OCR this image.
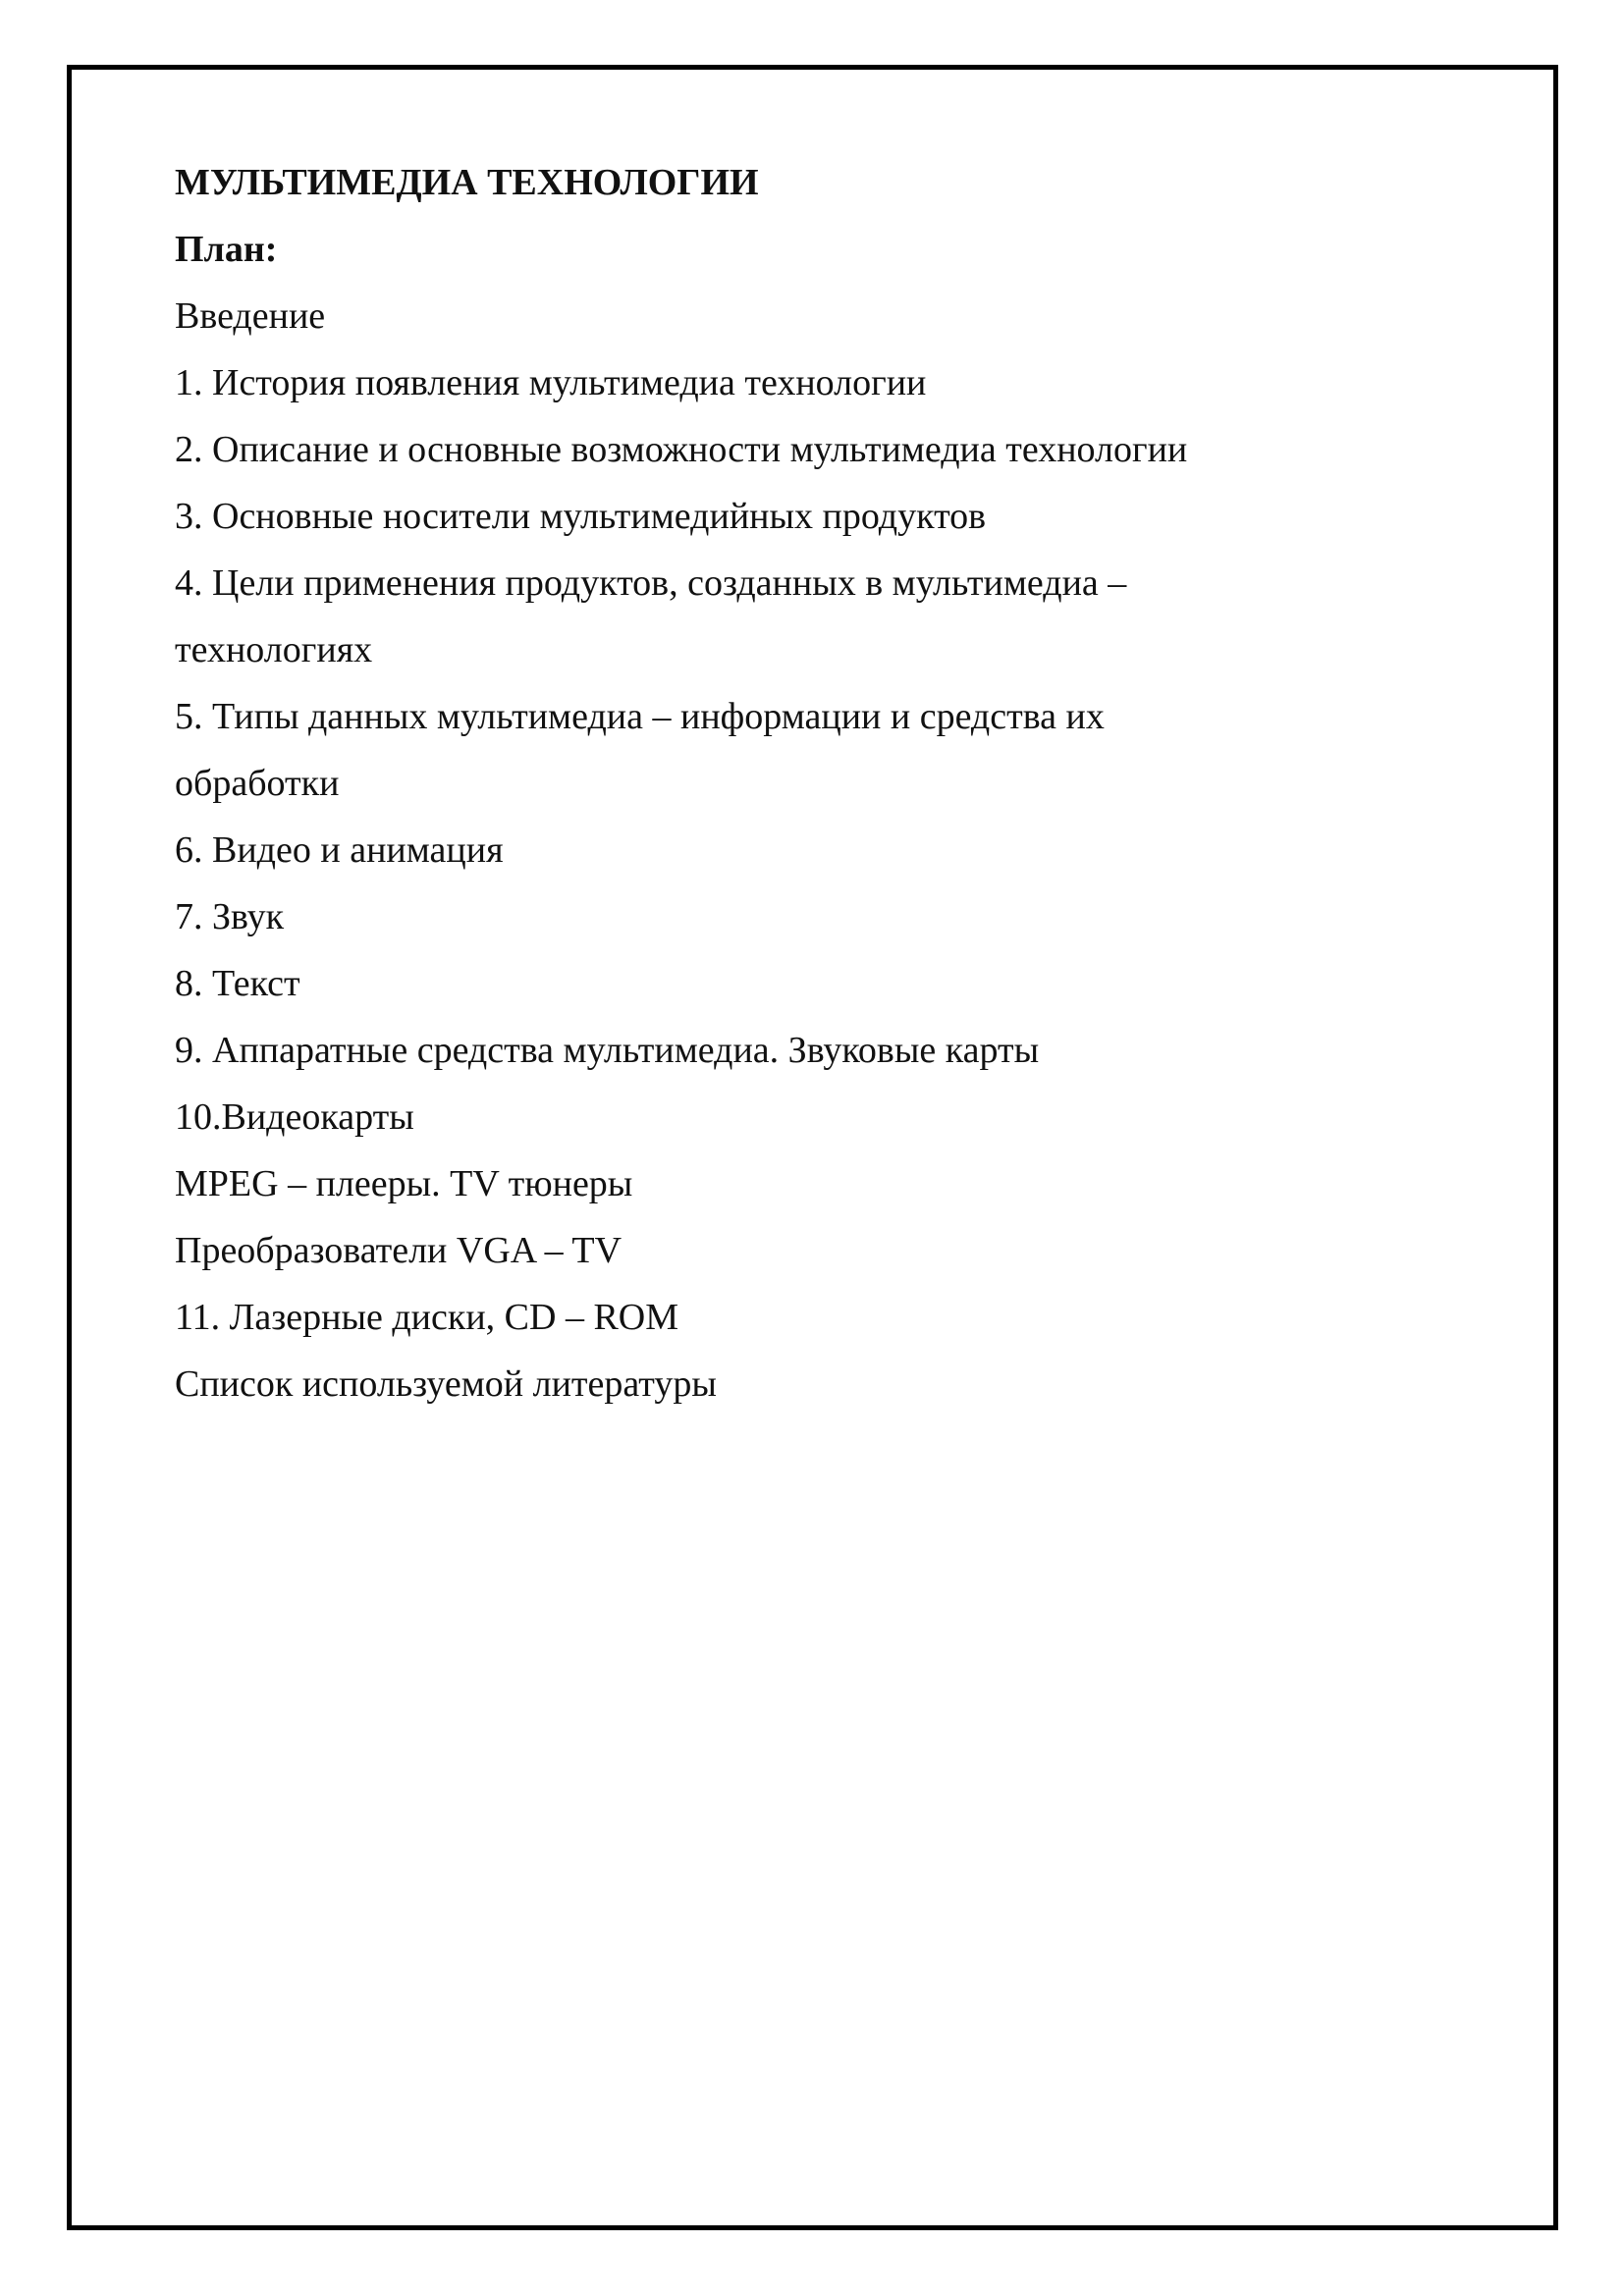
МУЛЬТИМЕДИА ТЕХНОЛОГИИ

План:

Введение

1. История появления мультимедиа технологии

2. Описание и основные возможности мультимедиа технологии

3. Основные носители мультимедийных продуктов

4. Цели применения продуктов, созданных в мультимедиа –

технологиях

5. Типы данных мультимедиа – информации и средства их

обработки

6. Видео и анимация

7. Звук

8. Текст

9. Аппаратные средства мультимедиа. Звуковые карты

10.Видеокарты

MPEG – плееры. TV тюнеры

Преобразователи VGA – TV

11. Лазерные диски, CD – ROM

Список используемой литературы
